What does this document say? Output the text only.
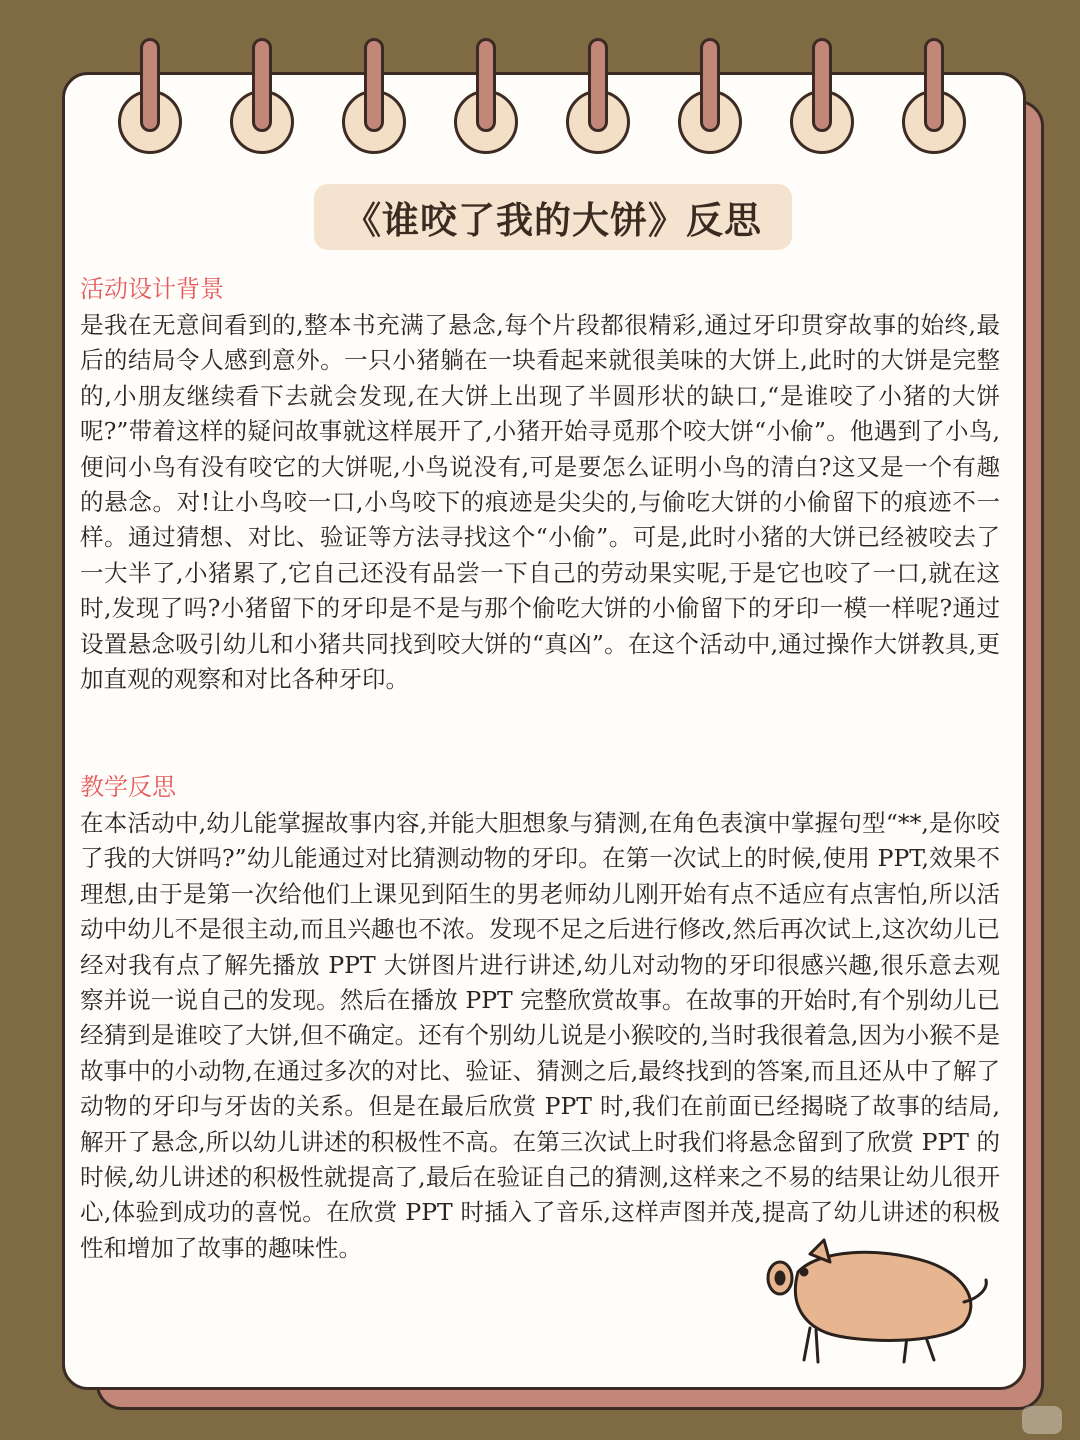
《谁咬了我的大饼》反思
活动设计背景

是我在无意间看到的,整本书充满了悬念,每个片段都很精彩,通过牙印贯穿故事的始终,最后的结局令人感到意外。一只小猪躺在一块看起来就很美味的大饼上,此时的大饼是完整的,小朋友继续看下去就会发现,在大饼上出现了半圆形状的缺口,“是谁咬了小猪的大饼呢?”带着这样的疑问故事就这样展开了,小猪开始寻觅那个咬大饼“小偷”。他遇到了小鸟,便问小鸟有没有咬它的大饼呢,小鸟说没有,可是要怎么证明小鸟的清白?这又是一个有趣的悬念。对!让小鸟咬一口,小鸟咬下的痕迹是尖尖的,与偷吃大饼的小偷留下的痕迹不一样。通过猜想、对比、验证等方法寻找这个“小偷”。可是,此时小猪的大饼已经被咬去了一大半了,小猪累了,它自己还没有品尝一下自己的劳动果实呢,于是它也咬了一口,就在这时,发现了吗?小猪留下的牙印是不是与那个偷吃大饼的小偷留下的牙印一模一样呢?通过设置悬念吸引幼儿和小猪共同找到咬大饼的“真凶”。在这个活动中,通过操作大饼教具,更加直观的观察和对比各种牙印。

教学反思

在本活动中,幼儿能掌握故事内容,并能大胆想象与猜测,在角色表演中掌握句型“**,是你咬了我的大饼吗?”幼儿能通过对比猜测动物的牙印。在第一次试上的时候,使用 PPT,效果不理想,由于是第一次给他们上课见到陌生的男老师幼儿刚开始有点不适应有点害怕,所以活动中幼儿不是很主动,而且兴趣也不浓。发现不足之后进行修改,然后再次试上,这次幼儿已经对我有点了解先播放 PPT 大饼图片进行讲述,幼儿对动物的牙印很感兴趣,很乐意去观察并说一说自己的发现。然后在播放 PPT 完整欣赏故事。在故事的开始时,有个别幼儿已经猜到是谁咬了大饼,但不确定。还有个别幼儿说是小猴咬的,当时我很着急,因为小猴不是故事中的小动物,在通过多次的对比、验证、猜测之后,最终找到的答案,而且还从中了解了动物的牙印与牙齿的关系。但是在最后欣赏 PPT 时,我们在前面已经揭晓了故事的结局,解开了悬念,所以幼儿讲述的积极性不高。在第三次试上时我们将悬念留到了欣赏 PPT 的时候,幼儿讲述的积极性就提高了,最后在验证自己的猜测,这样来之不易的结果让幼儿很开心,体验到成功的喜悦。在欣赏 PPT 时插入了音乐,这样声图并茂,提高了幼儿讲述的积极性和增加了故事的趣味性。
